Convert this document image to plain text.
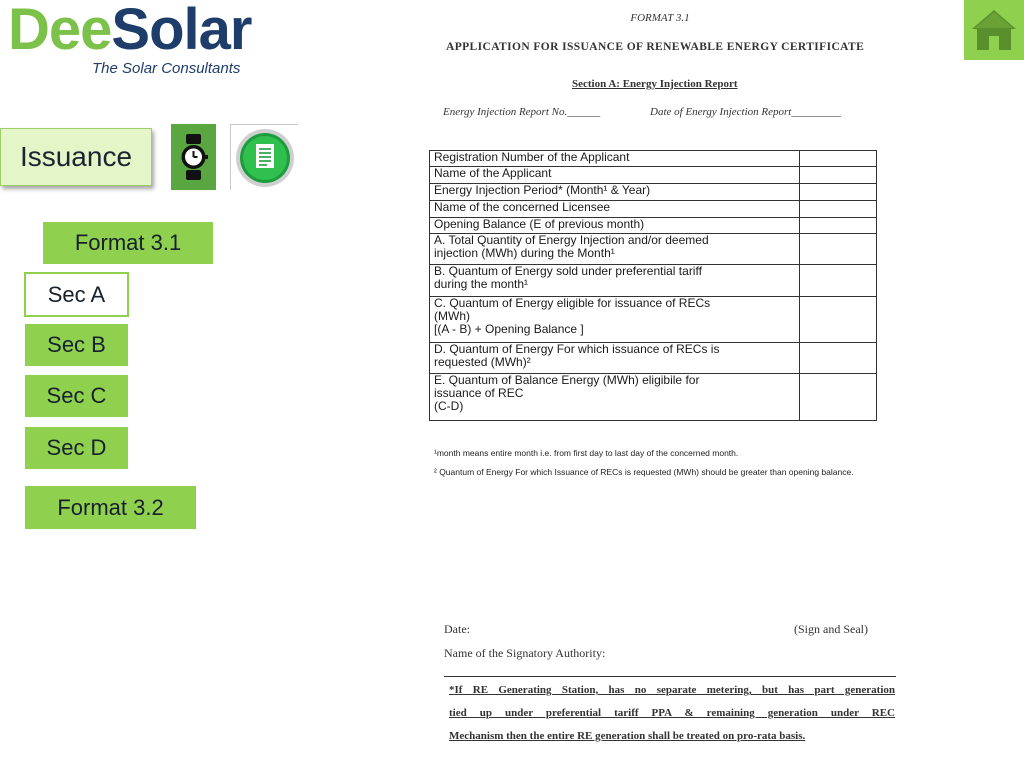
DeeSolar
The Solar Consultants
Issuance
Format 3.1
Sec A
Sec B
Sec C
Sec D
Format 3.2
FORMAT 3.1
APPLICATION FOR ISSUANCE OF RENEWABLE ENERGY CERTIFICATE
Section A: Energy Injection Report
Energy Injection Report No.______	Date of Energy Injection Report_________
Registration Number of the Applicant	

Name of the Applicant	

Energy Injection Period* (Month¹ & Year)	

Name of the concerned Licensee	

Opening Balance (E of previous month)	

A. Total Quantity of Energy Injection and/or deemed
injection (MWh) during the Month¹	

B. Quantum of Energy sold under preferential tariff
during the month¹	

C. Quantum of Energy eligible for issuance of RECs
(MWh)
[(A - B) + Opening Balance ]	

D. Quantum of Energy For which issuance of RECs is
requested (MWh)²	

E. Quantum of Balance Energy (MWh) eligibile for
issuance of REC
(C-D)	

¹month means entire month i.e. from first day to last day of the concerned month.
² Quantum of Energy For which Issuance of RECs is requested (MWh) should be greater than opening balance.
Date:	(Sign and Seal)
Name of the Signatory Authority:
*If RE Generating Station, has no separate metering, but has part generation
tied up under preferential tariff PPA & remaining generation under REC
Mechanism then the entire RE generation shall be treated on pro-rata basis.
